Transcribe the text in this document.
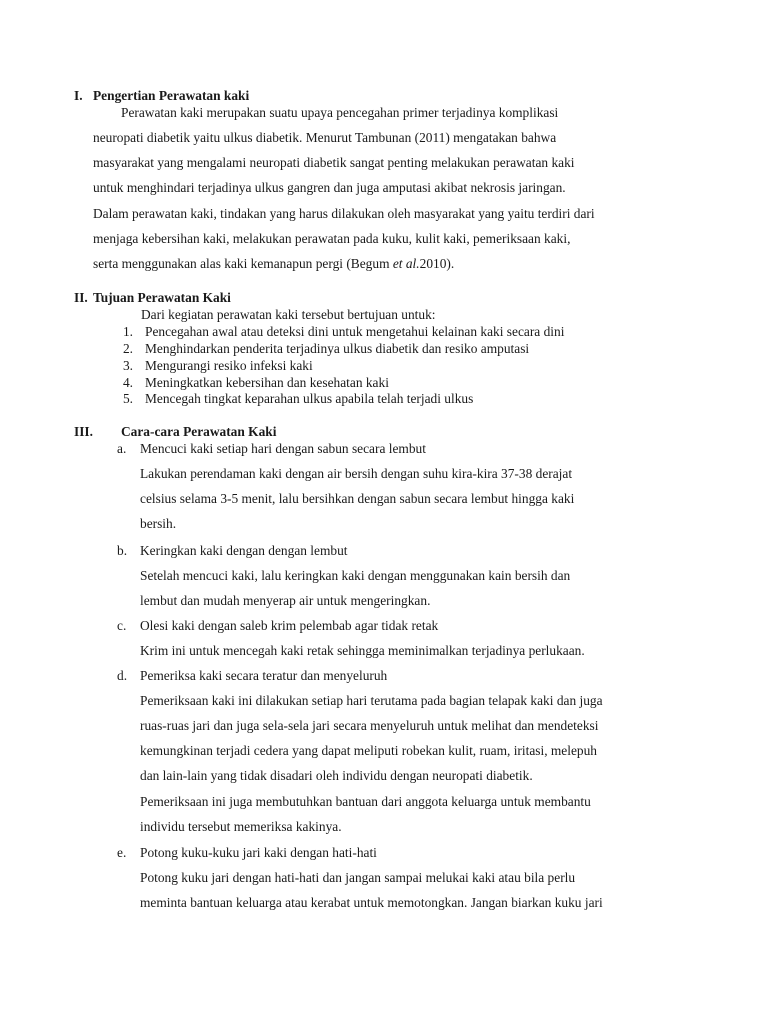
I. Pengertian Perawatan kaki
Perawatan kaki merupakan suatu upaya pencegahan primer terjadinya komplikasi
neuropati diabetik yaitu ulkus diabetik. Menurut Tambunan (2011) mengatakan bahwa
masyarakat yang mengalami neuropati diabetik sangat penting melakukan perawatan kaki
untuk menghindari terjadinya ulkus gangren dan juga amputasi akibat nekrosis jaringan.
Dalam perawatan kaki, tindakan yang harus dilakukan oleh masyarakat yang yaitu terdiri dari
menjaga kebersihan kaki, melakukan perawatan pada kuku, kulit kaki, pemeriksaan kaki,
serta menggunakan alas kaki kemanapun pergi (Begum et al.2010).
II. Tujuan Perawatan Kaki
Dari kegiatan perawatan kaki tersebut bertujuan untuk:
1. Pencegahan awal atau deteksi dini untuk mengetahui kelainan kaki secara dini
2. Menghindarkan penderita terjadinya ulkus diabetik dan resiko amputasi
3. Mengurangi resiko infeksi kaki
4. Meningkatkan kebersihan dan kesehatan kaki
5. Mencegah tingkat keparahan ulkus apabila telah terjadi ulkus
III. Cara-cara Perawatan Kaki
a. Mencuci kaki setiap hari dengan sabun secara lembut
Lakukan perendaman kaki dengan air bersih dengan suhu kira-kira 37-38 derajat
celsius selama 3-5 menit, lalu bersihkan dengan sabun secara lembut hingga kaki
bersih.
b. Keringkan kaki dengan dengan lembut
Setelah mencuci kaki, lalu keringkan kaki dengan menggunakan kain bersih dan
lembut dan mudah menyerap air untuk mengeringkan.
c. Olesi kaki dengan saleb krim pelembab agar tidak retak
Krim ini untuk mencegah kaki retak sehingga meminimalkan terjadinya perlukaan.
d. Pemeriksa kaki secara teratur dan menyeluruh
Pemeriksaan kaki ini dilakukan setiap hari terutama pada bagian telapak kaki dan juga
ruas-ruas jari dan juga sela-sela jari secara menyeluruh untuk melihat dan mendeteksi
kemungkinan terjadi cedera yang dapat meliputi robekan kulit, ruam, iritasi, melepuh
dan lain-lain yang tidak disadari oleh individu dengan neuropati diabetik.
Pemeriksaan ini juga membutuhkan bantuan dari anggota keluarga untuk membantu
individu tersebut memeriksa kakinya.
e. Potong kuku-kuku jari kaki dengan hati-hati
Potong kuku jari dengan hati-hati dan jangan sampai melukai kaki atau bila perlu
meminta bantuan keluarga atau kerabat untuk memotongkan. Jangan biarkan kuku jari
